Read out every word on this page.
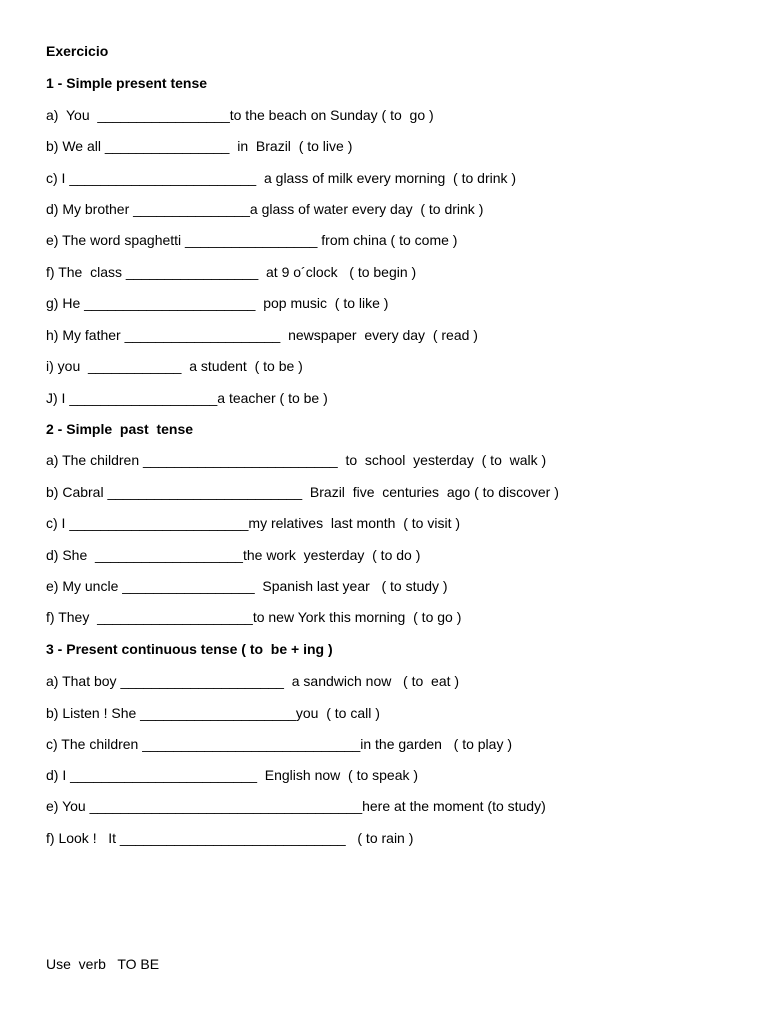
Exercicio
1 - Simple present tense
a)  You  _________________to the beach on Sunday ( to  go )
b) We all ________________  in  Brazil  ( to live )
c) I ________________________  a glass of milk every morning  ( to drink )
d) My brother _______________a glass of water every day  ( to drink )
e) The word spaghetti _________________ from china ( to come )
f) The  class _________________  at 9 o´clock   ( to begin )
g) He ______________________  pop music  ( to like )
h) My father ____________________  newspaper  every day  ( read )
i) you  ____________  a student  ( to be )
J) I ___________________a teacher ( to be )
2 - Simple  past  tense
a) The children _________________________  to  school  yesterday  ( to  walk )
b) Cabral _________________________  Brazil  five  centuries  ago ( to discover )
c) I _______________________my relatives  last month  ( to visit )
d) She  ___________________the work  yesterday  ( to do )
e) My uncle _________________  Spanish last year   ( to study )
f) They  ____________________to new York this morning  ( to go )
3 - Present continuous tense ( to  be + ing )
a) That boy _____________________  a sandwich now   ( to  eat )
b) Listen ! She ____________________you  ( to call )
c) The children ____________________________in the garden   ( to play )
d) I ________________________  English now  ( to speak )
e) You ___________________________________here at the moment (to study)
f) Look !   It _____________________________   ( to rain )
Use  verb   TO BE
